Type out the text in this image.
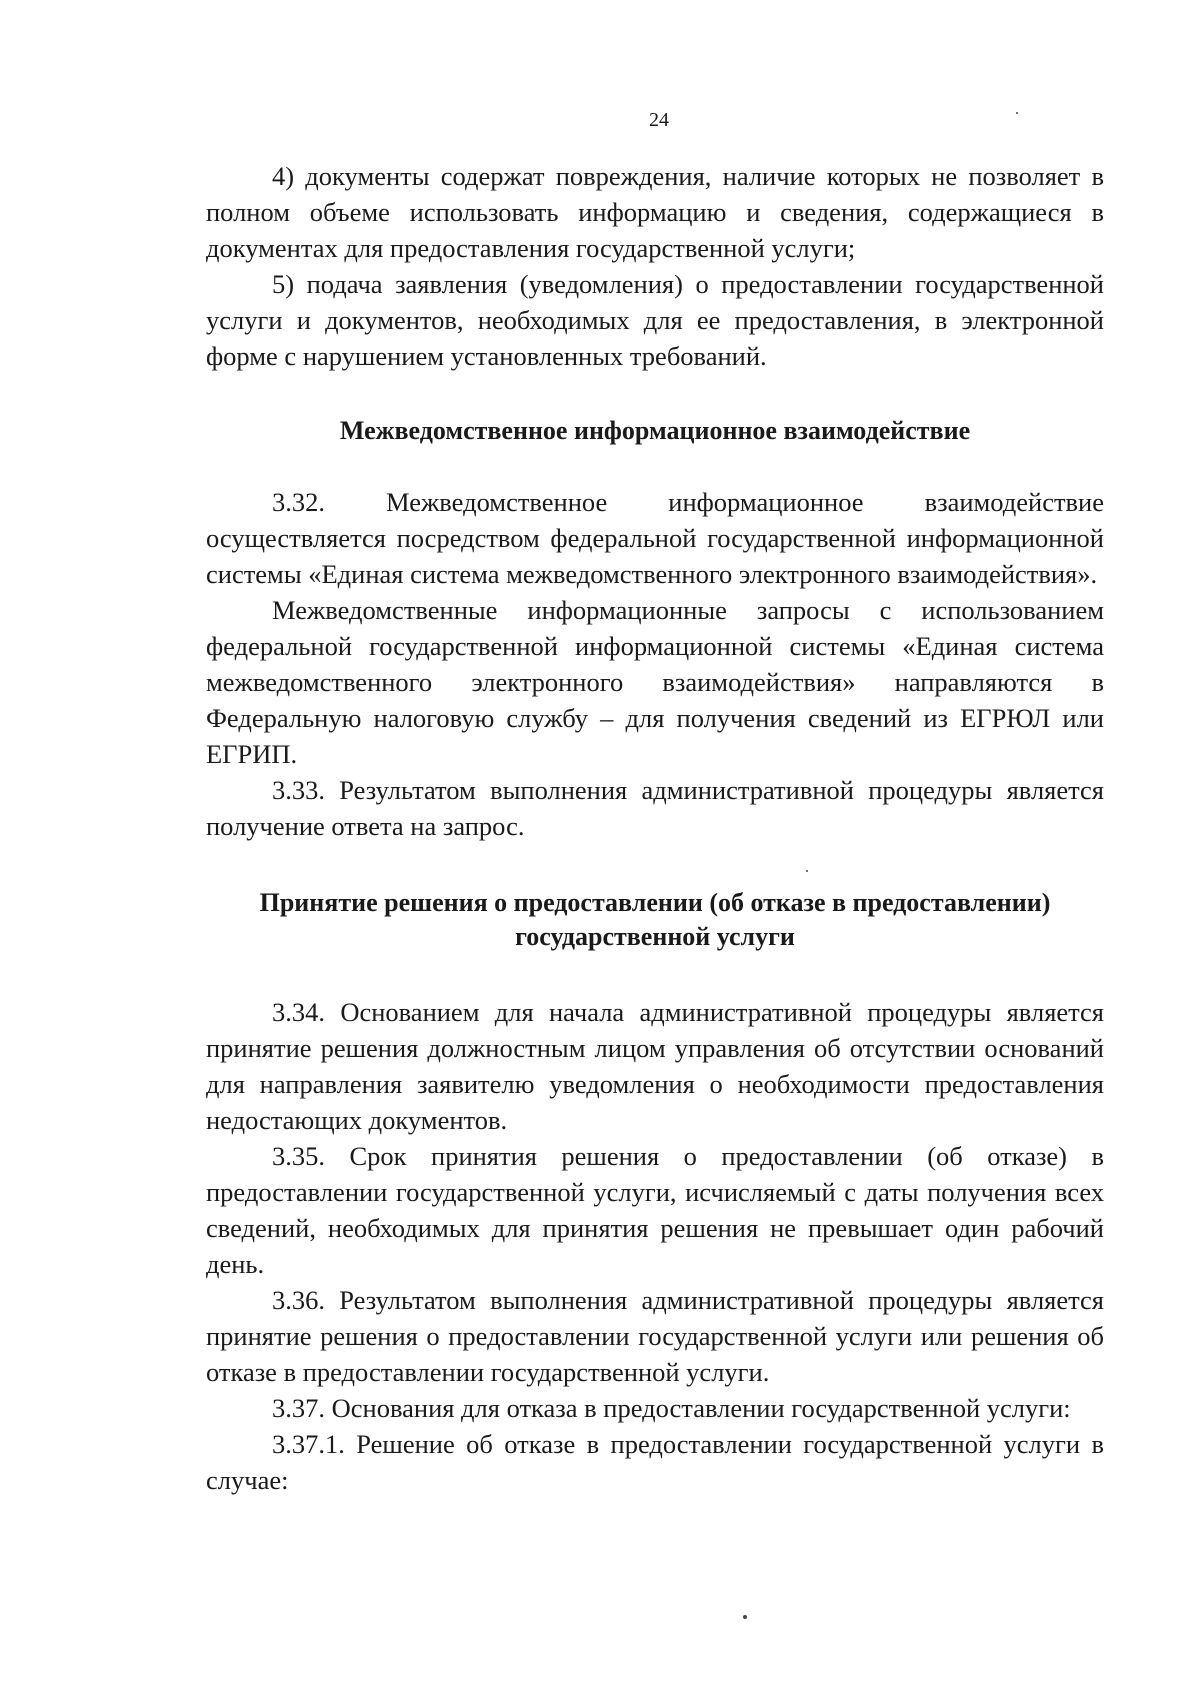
24

4) документы содержат повреждения, наличие которых не позволяет в полном объеме использовать информацию и сведения, содержащиеся в документах для предоставления государственной услуги;

5) подача заявления (уведомления) о предоставлении государственной услуги и документов, необходимых для ее предоставления, в электронной форме с нарушением установленных требований.

Межведомственное информационное взаимодействие

3.32. Межведомственное информационное взаимодействие осуществляется посредством федеральной государственной информационной системы «Единая система межведомственного электронного взаимодействия».

Межведомственные информационные запросы с использованием федеральной государственной информационной системы «Единая система межведомственного электронного взаимодействия» направляются в Федеральную налоговую службу – для получения сведений из ЕГРЮЛ или ЕГРИП.

3.33. Результатом выполнения административной процедуры является получение ответа на запрос.

Принятие решения о предоставлении (об отказе в предоставлении)
государственной услуги

3.34. Основанием для начала административной процедуры является принятие решения должностным лицом управления об отсутствии оснований для направления заявителю уведомления о необходимости предоставления недостающих документов.

3.35. Срок принятия решения о предоставлении (об отказе) в предоставлении государственной услуги, исчисляемый с даты получения всех сведений, необходимых для принятия решения не превышает один рабочий день.

3.36. Результатом выполнения административной процедуры является принятие решения о предоставлении государственной услуги или решения об отказе в предоставлении государственной услуги.

3.37. Основания для отказа в предоставлении государственной услуги:

3.37.1. Решение об отказе в предоставлении государственной услуги в случае:
